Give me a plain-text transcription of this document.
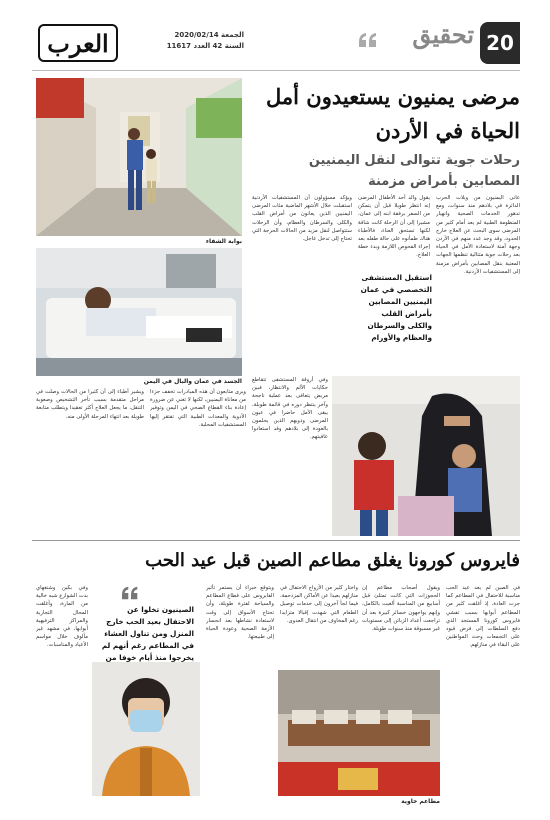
20
تحقيق
الجمعة 2020/02/14
السنة 42 العدد 11617
العرب
مرضى يمنيون يستعيدون أمل الحياة في الأردن
رحلات جوية تتوالى لنقل اليمنيين المصابين بأمراض مزمنة
بوابة الشفاء
الجسد في عمان والبال في اليمن
استقبل المستشفى التخصصي في عمان اليمنيين المصابين بأمراض القلب والكلى والسرطان والعظام والأورام
عانى اليمنيون من ويلات الحرب الدائرة في بلادهم منذ سنوات، ومع تدهور الخدمات الصحية وانهيار المنظومة الطبية لم يعد أمام كثير من المرضى سوى البحث عن العلاج خارج الحدود، وقد وجد عدد منهم في الأردن وجهة آمنة لاستعادة الأمل في الحياة بعد رحلات جوية متتالية تنظمها الجهات المعنية بنقل المصابين بأمراض مزمنة إلى المستشفيات الأردنية.
يقول والد أحد الأطفال المرضى إنه انتظر طويلا قبل أن يتمكن من السفر برفقة ابنه إلى عمان، مشيرا إلى أن الرحلة كانت شاقة لكنها تستحق العناء، فالأطباء هناك طمأنوه على حالة طفله بعد إجراء الفحوص اللازمة وبدء خطة العلاج.
ويؤكد مسؤولون أن المستشفيات الأردنية استقبلت خلال الأشهر الماضية مئات المرضى اليمنيين الذين يعانون من أمراض القلب والكلى والسرطان والعظام، وأن الرحلات ستتواصل لنقل مزيد من الحالات الحرجة التي تحتاج إلى تدخل عاجل.
وفي أروقة المستشفى تتقاطع حكايات الألم والانتظار، فبين مريض يتعافى بعد عملية ناجحة وآخر ينتظر دوره في قائمة طويلة، يبقى الأمل حاضرا في عيون المرضى وذويهم الذين يحلمون بالعودة إلى بلادهم وقد استعادوا عافيتهم.
ويرى متابعون أن هذه المبادرات تخفف جزءا من معاناة اليمنيين، لكنها لا تغني عن ضرورة إعادة بناء القطاع الصحي في اليمن وتوفير الأدوية والمعدات الطبية التي تفتقر إليها المستشفيات المحلية.
ويشير أطباء إلى أن كثيرا من الحالات وصلت في مراحل متقدمة بسبب تأخر التشخيص وصعوبة التنقل، ما يجعل العلاج أكثر تعقيدا ويتطلب متابعة طويلة بعد انتهاء المرحلة الأولى منه.
فايروس كورونا يغلق مطاعم الصين قبل عيد الحب
الصينيون تخلوا عن الاحتفال بعيد الحب خارج المنزل ومن تناول العشاء في المطاعم رغم أنهم لم يخرجوا منذ أيام خوفا من
مطاعم خاوية
في الصين لم يعد عيد الحب مناسبة للاحتفال في المطاعم كما جرت العادة، إذ أغلقت كثير من المطاعم أبوابها بسبب تفشي فايروس كورونا المستجد الذي دفع السلطات إلى فرض قيود على التجمعات وحث المواطنين على البقاء في منازلهم.
ويقول أصحاب مطاعم إن الحجوزات التي كانت تمتلئ قبل أسابيع من المناسبة ألغيت بالكامل، وإنهم يواجهون خسائر كبيرة بعد أن تراجعت أعداد الزبائن إلى مستويات غير مسبوقة منذ سنوات طويلة.
واختار كثير من الأزواج الاحتفال في منازلهم بعيدا عن الأماكن المزدحمة، فيما لجأ آخرون إلى خدمات توصيل الطعام التي شهدت إقبالا متزايدا رغم المخاوف من انتقال العدوى.
ويتوقع خبراء أن يستمر تأثير الفايروس على قطاع المطاعم والسياحة لفترة طويلة، وأن تحتاج الأسواق إلى وقت لاستعادة نشاطها بعد انحسار الأزمة الصحية وعودة الحياة إلى طبيعتها.
وفي بكين وشنغهاي بدت الشوارع شبه خالية من المارة، وأغلقت المحال التجارية والمراكز الترفيهية أبوابها، في مشهد غير مألوف خلال مواسم الأعياد والمناسبات.
